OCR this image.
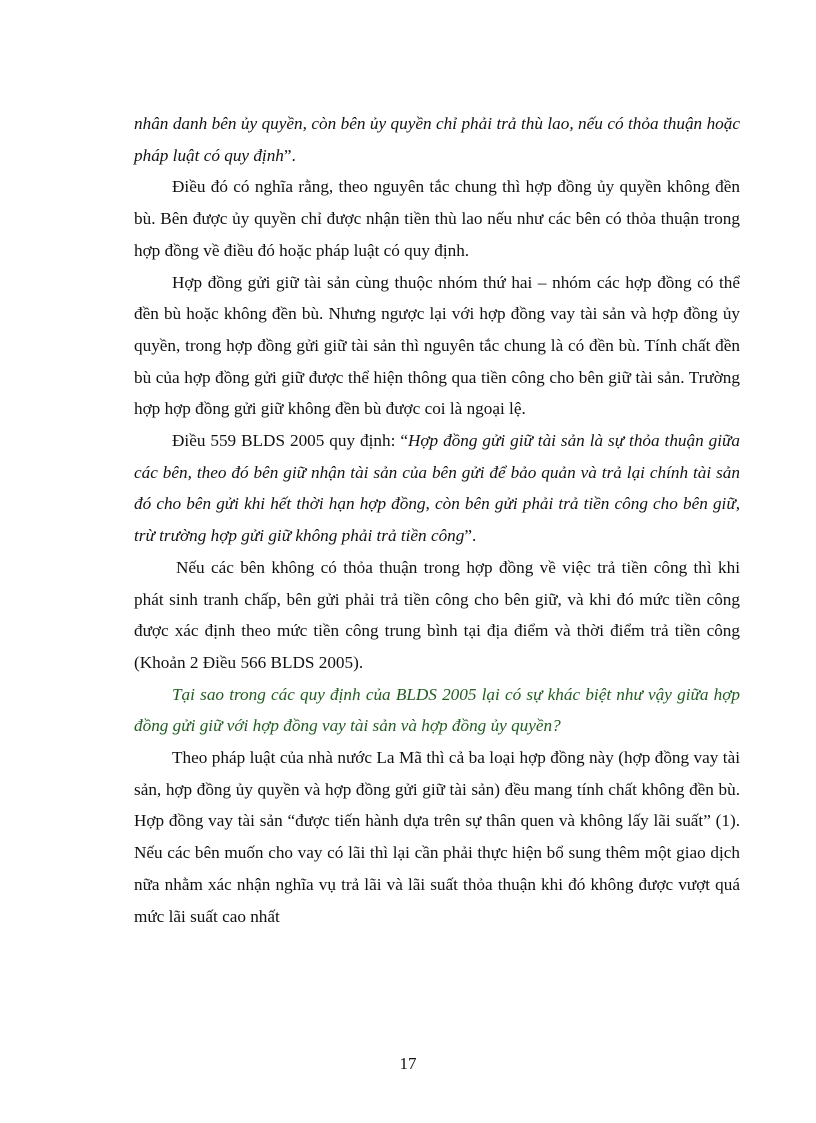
nhân danh bên ủy quyền, còn bên ủy quyền chỉ phải trả thù lao, nếu có thỏa thuận hoặc pháp luật có quy định”.

Điều đó có nghĩa rằng, theo nguyên tắc chung thì hợp đồng ủy quyền không đền bù. Bên được ủy quyền chỉ được nhận tiền thù lao nếu như các bên có thỏa thuận trong hợp đồng về điều đó hoặc pháp luật có quy định.

Hợp đồng gửi giữ tài sản cùng thuộc nhóm thứ hai – nhóm các hợp đồng có thể đền bù hoặc không đền bù. Nhưng ngược lại với hợp đồng vay tài sản và hợp đồng ủy quyền, trong hợp đồng gửi giữ tài sản thì nguyên tắc chung là có đền bù. Tính chất đền bù của hợp đồng gửi giữ được thể hiện thông qua tiền công cho bên giữ tài sản. Trường hợp hợp đồng gửi giữ không đền bù được coi là ngoại lệ.

Điều 559 BLDS 2005 quy định: “Hợp đồng gửi giữ tài sản là sự thỏa thuận giữa các bên, theo đó bên giữ nhận tài sản của bên gửi để bảo quản và trả lại chính tài sản đó cho bên gửi khi hết thời hạn hợp đồng, còn bên gửi phải trả tiền công cho bên giữ, trừ trường hợp gửi giữ không phải trả tiền công”.

Nếu các bên không có thỏa thuận trong hợp đồng về việc trả tiền công thì khi phát sinh tranh chấp, bên gửi phải trả tiền công cho bên giữ, và khi đó mức tiền công được xác định theo mức tiền công trung bình tại địa điểm và thời điểm trả tiền công (Khoản 2 Điều 566 BLDS 2005).

Tại sao trong các quy định của BLDS 2005 lại có sự khác biệt như vậy giữa hợp đồng gửi giữ với hợp đồng vay tài sản và hợp đồng ủy quyền?

Theo pháp luật của nhà nước La Mã thì cả ba loại hợp đồng này (hợp đồng vay tài sản, hợp đồng ủy quyền và hợp đồng gửi giữ tài sản) đều mang tính chất không đền bù. Hợp đồng vay tài sản “được tiến hành dựa trên sự thân quen và không lấy lãi suất” (1). Nếu các bên muốn cho vay có lãi thì lại cần phải thực hiện bổ sung thêm một giao dịch nữa nhằm xác nhận nghĩa vụ trả lãi và lãi suất thỏa thuận khi đó không được vượt quá mức lãi suất cao nhất

17
